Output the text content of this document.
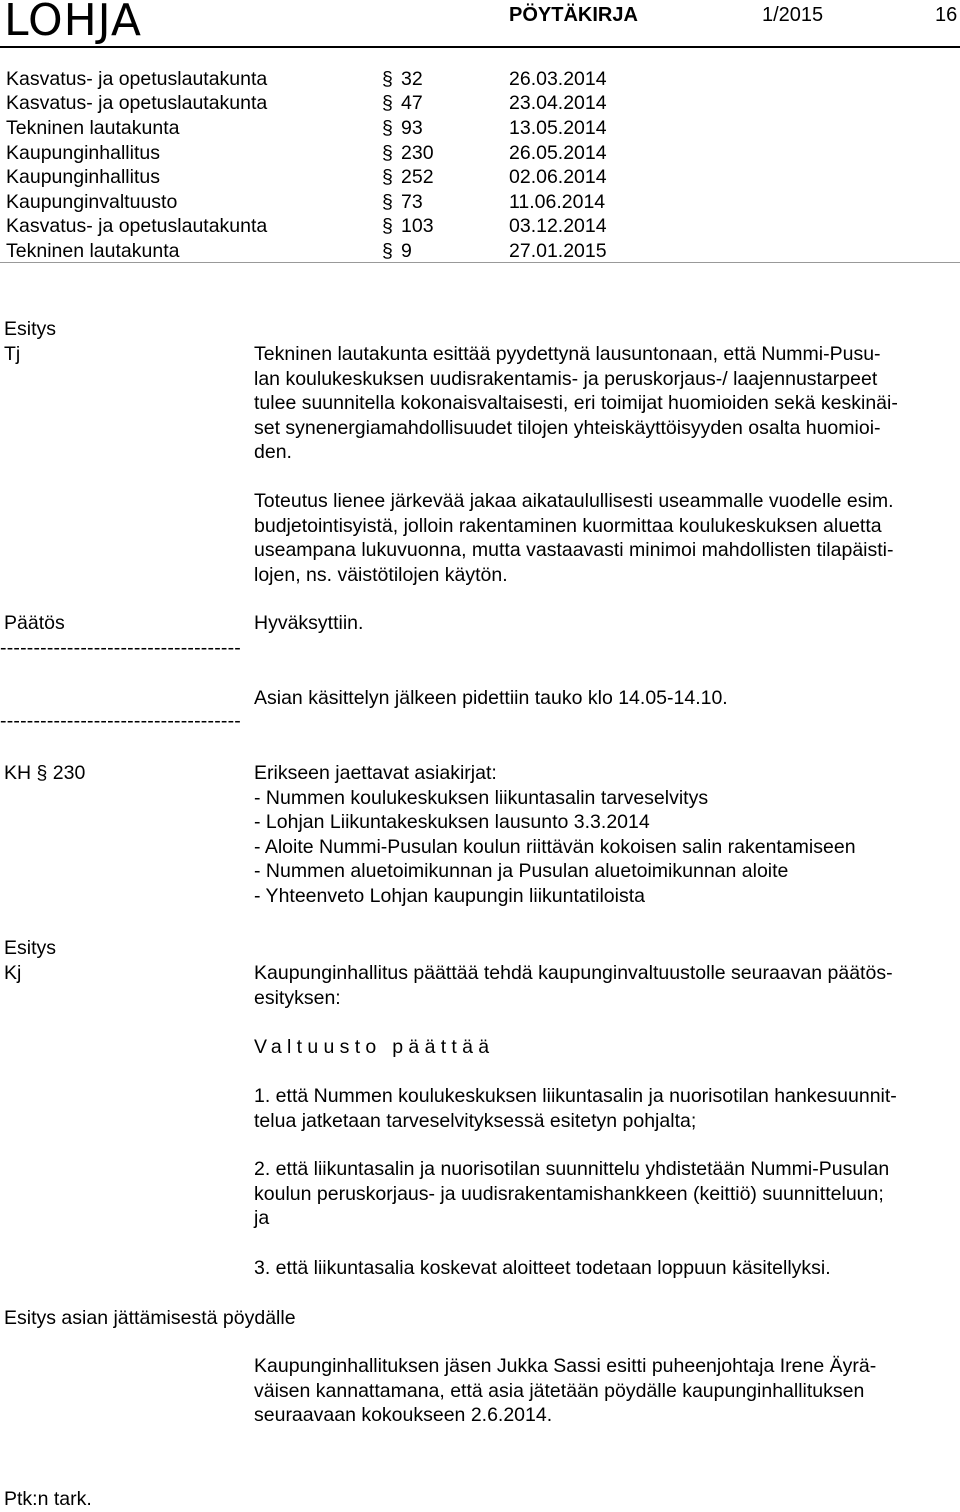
LOHJA	PÖYTÄKIRJA	1/2015	16
Kasvatus- ja opetuslautakunta	§ 32	26.03.2014
Kasvatus- ja opetuslautakunta	§ 47	23.04.2014
Tekninen lautakunta	§ 93	13.05.2014
Kaupunginhallitus	§ 230	26.05.2014
Kaupunginhallitus	§ 252	02.06.2014
Kaupunginvaltuusto	§ 73	11.06.2014
Kasvatus- ja opetuslautakunta	§ 103	03.12.2014
Tekninen lautakunta	§ 9	27.01.2015
Esitys
Tj	Tekninen lautakunta esittää pyydettynä lausuntonaan, että Nummi-Pusu-
lan koulukeskuksen uudisrakentamis- ja peruskorjaus-/ laajennustarpeet
tulee suunnitella kokonaisvaltaisesti, eri toimijat huomioiden sekä keskinäi-
set synenergiamahdollisuudet tilojen yhteiskäyttöisyyden osalta huomioi-
den.
Toteutus lienee järkevää jakaa aikataulullisesti useammalle vuodelle esim.
budjetointisyistä, jolloin rakentaminen kuormittaa koulukeskuksen aluetta
useampana lukuvuonna, mutta vastaavasti minimoi mahdollisten tilapäisti-
lojen, ns. väistötilojen käytön.
Päätös	Hyväksyttiin.
------------------------------------
Asian käsittelyn jälkeen pidettiin tauko klo 14.05-14.10.
------------------------------------
KH § 230	Erikseen jaettavat asiakirjat:
- Nummen koulukeskuksen liikuntasalin tarveselvitys
- Lohjan Liikuntakeskuksen lausunto 3.3.2014
- Aloite Nummi-Pusulan koulun riittävän kokoisen salin rakentamiseen
- Nummen aluetoimikunnan ja Pusulan aluetoimikunnan aloite
- Yhteenveto Lohjan kaupungin liikuntatiloista
Esitys
Kj	Kaupunginhallitus päättää tehdä kaupunginvaltuustolle seuraavan päätös-
esityksen:
Valtuusto päättää
1. että Nummen koulukeskuksen liikuntasalin ja nuorisotilan hankesuunnit-
telua jatketaan tarveselvityksessä esitetyn pohjalta;
2. että liikuntasalin ja nuorisotilan suunnittelu yhdistetään Nummi-Pusulan
koulun peruskorjaus- ja uudisrakentamishankkeen (keittiö) suunnitteluun;
ja
3. että liikuntasalia koskevat aloitteet todetaan loppuun käsitellyksi.
Esitys asian jättämisestä pöydälle
Kaupunginhallituksen jäsen Jukka Sassi esitti puheenjohtaja Irene Äyrä-
väisen kannattamana, että asia jätetään pöydälle kaupunginhallituksen
seuraavaan kokoukseen 2.6.2014.
Ptk:n tark.
